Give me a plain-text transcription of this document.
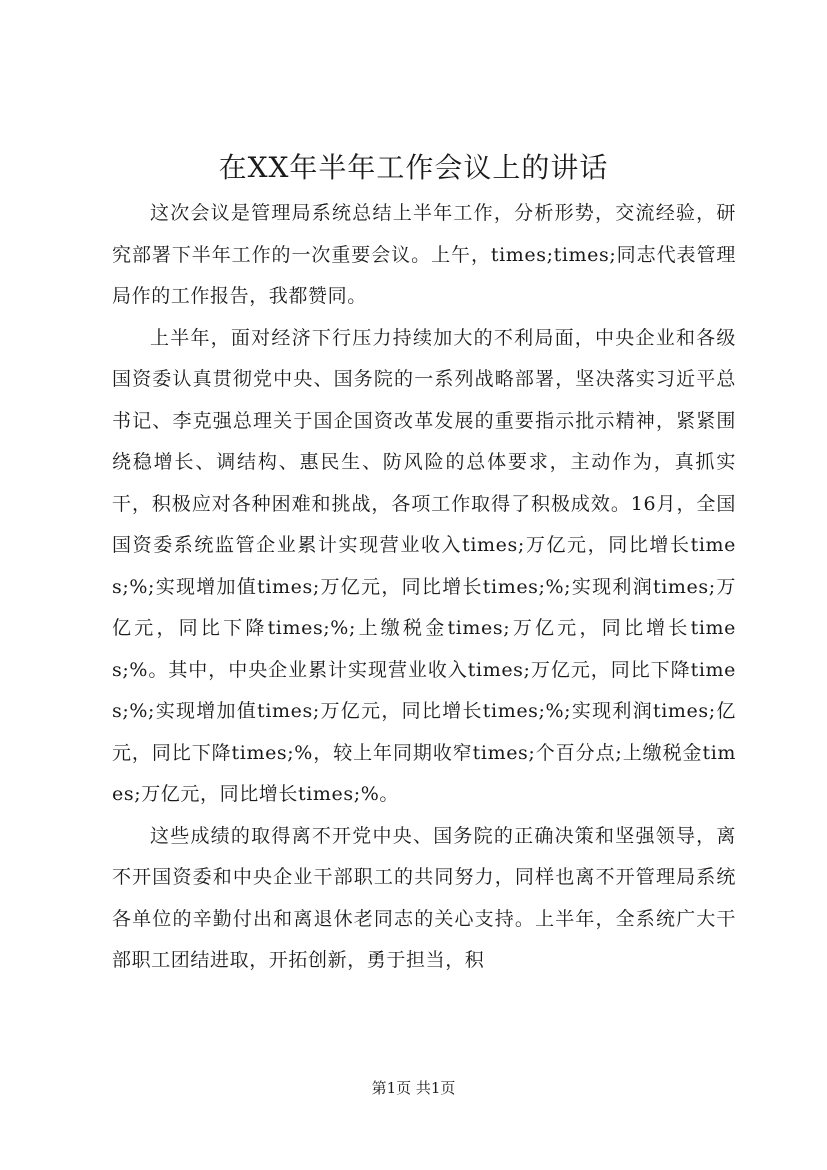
在XX年半年工作会议上的讲话

这次会议是管理局系统总结上半年工作，分析形势，交流经验，研究部署下半年工作的一次重要会议。上午，times;times;同志代表管理局作的工作报告，我都赞同。

上半年，面对经济下行压力持续加大的不利局面，中央企业和各级国资委认真贯彻党中央、国务院的一系列战略部署，坚决落实习近平总书记、李克强总理关于国企国资改革发展的重要指示批示精神，紧紧围绕稳增长、调结构、惠民生、防风险的总体要求，主动作为，真抓实干，积极应对各种困难和挑战，各项工作取得了积极成效。16月，全国国资委系统监管企业累计实现营业收入times;万亿元，同比增长times;%;实现增加值times;万亿元，同比增长times;%;实现利润times;万亿元，同比下降times;%;上缴税金times;万亿元，同比增长times;%。其中，中央企业累计实现营业收入times;万亿元，同比下降times;%;实现增加值times;万亿元，同比增长times;%;实现利润times;亿元，同比下降times;%，较上年同期收窄times;个百分点;上缴税金times;万亿元，同比增长times;%。

这些成绩的取得离不开党中央、国务院的正确决策和坚强领导，离不开国资委和中央企业干部职工的共同努力，同样也离不开管理局系统各单位的辛勤付出和离退休老同志的关心支持。上半年，全系统广大干部职工团结进取，开拓创新，勇于担当，积

第1页 共1页
